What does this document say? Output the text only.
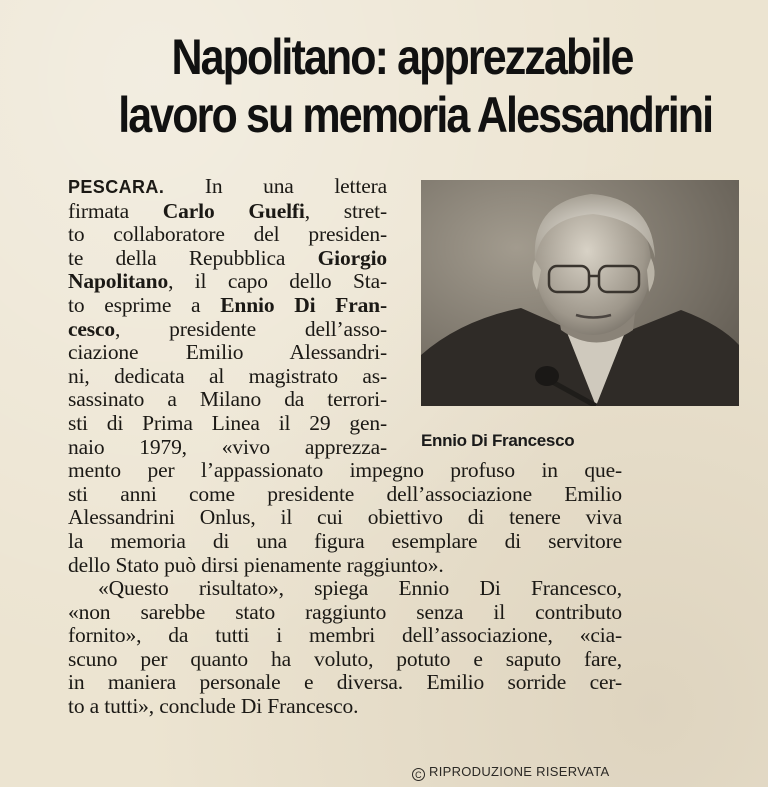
Napolitano: apprezzabile
lavoro su memoria Alessandrini
Ennio Di Francesco
PESCARA. In una lettera
firmata Carlo Guelfi, stret-
to collaboratore del presiden-
te della Repubblica Giorgio
Napolitano, il capo dello Sta-
to esprime a Ennio Di Fran-
cesco, presidente dell’asso-
ciazione Emilio Alessandri-
ni, dedicata al magistrato as-
sassinato a Milano da terrori-
sti di Prima Linea il 29 gen-
naio 1979, «vivo apprezza-
mento per l’appassionato impegno profuso in que-
sti anni come presidente dell’associazione Emilio
Alessandrini Onlus, il cui obiettivo di tenere viva
la memoria di una figura esemplare di servitore
dello Stato può dirsi pienamente raggiunto».
«Questo risultato», spiega Ennio Di Francesco,
«non sarebbe stato raggiunto senza il contributo
fornito», da tutti i membri dell’associazione, «cia-
scuno per quanto ha voluto, potuto e saputo fare,
in maniera personale e diversa. Emilio sorride cer-
to a tutti», conclude Di Francesco.
C RIPRODUZIONE RISERVATA
